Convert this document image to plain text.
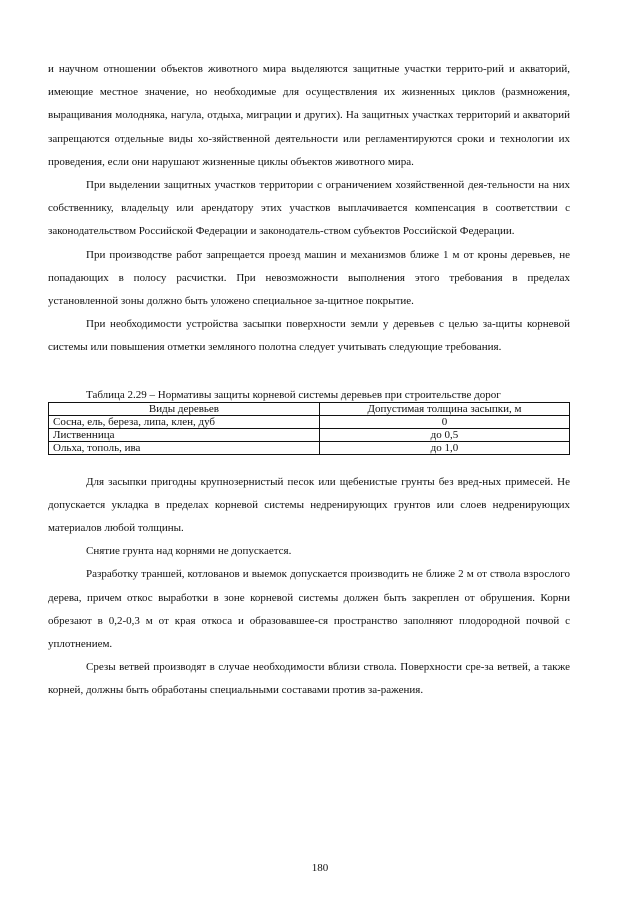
и научном отношении объектов животного мира выделяются защитные участки террито-рий и акваторий, имеющие местное значение, но необходимые для осуществления их жизненных циклов (размножения, выращивания молодняка, нагула, отдыха, миграции и других). На защитных участках территорий и акваторий запрещаются отдельные виды хо-зяйственной деятельности или регламентируются сроки и технологии их проведения, если они нарушают жизненные циклы объектов животного мира.

При выделении защитных участков территории с ограничением хозяйственной дея-тельности на них собственнику, владельцу или арендатору этих участков выплачивается компенсация в соответствии с законодательством Российской Федерации и законодатель-ством субъектов Российской Федерации.

При производстве работ запрещается проезд машин и механизмов ближе 1 м от кроны деревьев, не попадающих в полосу расчистки. При невозможности выполнения этого требования в пределах установленной зоны должно быть уложено специальное за-щитное покрытие.

При необходимости устройства засыпки поверхности земли у деревьев с целью за-щиты корневой системы или повышения отметки земляного полотна следует учитывать следующие требования.

Таблица 2.29 – Нормативы защиты корневой системы деревьев при строительстве дорог
Виды деревьев	Допустимая толщина засыпки, м
Сосна, ель, береза, липа, клен, дуб	0
Лиственница	до 0,5
Ольха, тополь, ива	до 1,0

Для засыпки пригодны крупнозернистый песок или щебенистые грунты без вред-ных примесей. Не допускается укладка в пределах корневой системы недренирующих грунтов или слоев недренирующих материалов любой толщины.

Снятие грунта над корнями не допускается.

Разработку траншей, котлованов и выемок допускается производить не ближе 2 м от ствола взрослого дерева, причем откос выработки в зоне корневой системы должен быть закреплен от обрушения. Корни обрезают в 0,2-0,3 м от края откоса и образовавшее-ся пространство заполняют плодородной почвой с уплотнением.

Срезы ветвей производят в случае необходимости вблизи ствола. Поверхности сре-за ветвей, а также корней, должны быть обработаны специальными составами против за-ражения.

180
